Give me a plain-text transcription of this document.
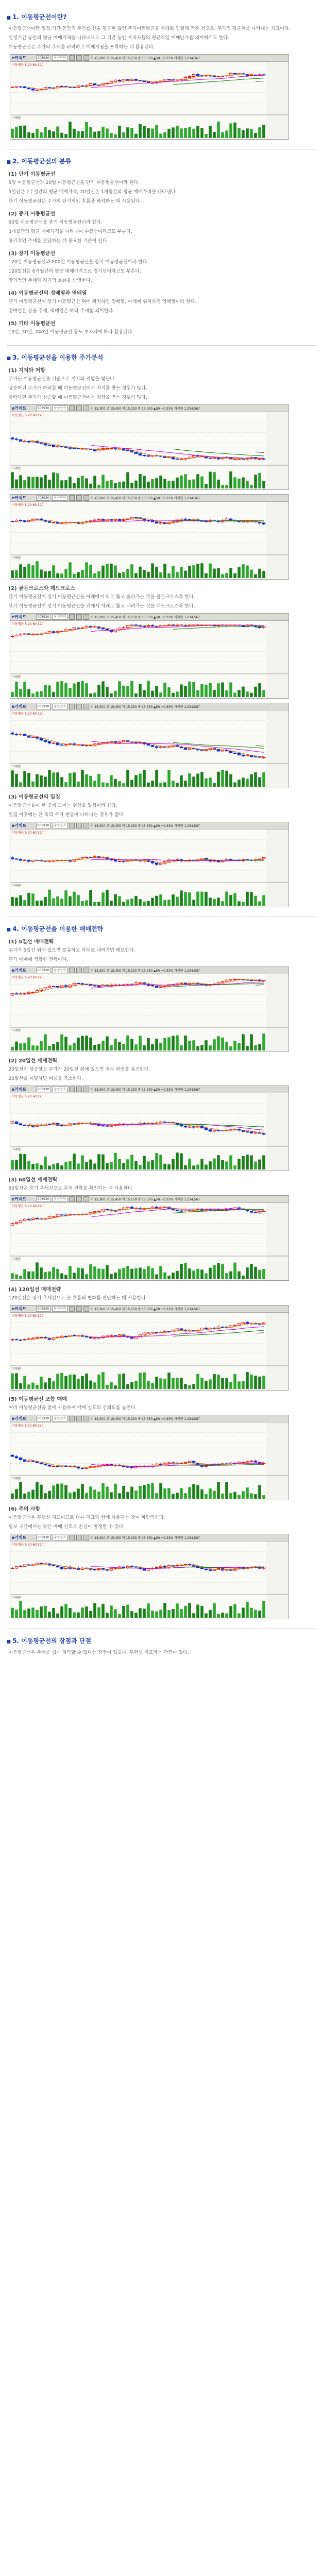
■ 1. 이동평균선이란?

이동평균선이란 일정 기간 동안의 주가를 산술 평균한 값인 주가이동평균을 차례로 연결해 만든 선으로, 주가의 평균치를 나타내는 지표이다.

일정기간 동안의 평균 매매가격을 나타내므로 그 기간 동안 투자자들의 평균적인 매매단가를 의미하기도 한다.

이동평균선은 주가의 추세를 파악하고 매매시점을 포착하는 데 활용된다.

e커넥트	005930	삼성전자	시 15,300 고 15,450 저 15,150 종 15,350 ▲50 +0.33% 거래량 1,234,567
이동평균 5 20 60 120
거래량
■ 2. 이동평균선의 분류
(1) 단기 이동평균선

5일 이동평균선과 20일 이동평균선을 단기 이동평균선이라 한다.

5일선은 1주일간의 평균 매매가격, 20일선은 1개월간의 평균 매매가격을 나타낸다.

단기 이동평균선은 주가의 단기적인 흐름을 파악하는 데 사용된다.

(2) 중기 이동평균선

60일 이동평균선을 중기 이동평균선이라 한다.

3개월간의 평균 매매가격을 나타내며 수급선이라고도 부른다.

중기적인 추세를 판단하는 데 중요한 기준이 된다.

(3) 장기 이동평균선

120일 이동평균선과 200일 이동평균선을 장기 이동평균선이라 한다.

120일선은 6개월간의 평균 매매가격으로 경기선이라고도 부른다.

장기적인 추세와 경기의 흐름을 반영한다.

(4) 이동평균선의 정배열과 역배열

단기 이동평균선이 장기 이동평균선 위에 위치하면 정배열, 아래에 위치하면 역배열이라 한다.

정배열은 상승 추세, 역배열은 하락 추세를 의미한다.

(5) 기타 이동평균선

10일, 30일, 240일 이동평균선 등도 투자자에 따라 활용된다.

■ 3. 이동평균선을 이용한 주가분석
(1) 지지와 저항

주가는 이동평균선을 기준으로 지지와 저항을 받는다.

상승하던 주가가 하락할 때 이동평균선에서 지지를 받는 경우가 많다.

하락하던 주가가 상승할 때 이동평균선에서 저항을 받는 경우가 많다.

e커넥트	005930	삼성전자	시 15,300 고 15,450 저 15,150 종 15,350 ▲50 +0.33% 거래량 1,234,567
이동평균 5 20 60 120
거래량
e커넥트	005930	삼성전자	시 15,300 고 15,450 저 15,150 종 15,350 ▲50 +0.33% 거래량 1,234,567
이동평균 5 20 60 120
거래량
(2) 골든크로스와 데드크로스

단기 이동평균선이 장기 이동평균선을 아래에서 위로 뚫고 올라가는 것을 골든크로스라 한다.

단기 이동평균선이 장기 이동평균선을 위에서 아래로 뚫고 내려가는 것을 데드크로스라 한다.

e커넥트	005930	삼성전자	시 15,300 고 15,450 저 15,150 종 15,350 ▲50 +0.33% 거래량 1,234,567
이동평균 5 20 60 120
거래량
e커넥트	005930	삼성전자	시 15,300 고 15,450 저 15,150 종 15,350 ▲50 +0.33% 거래량 1,234,567
이동평균 5 20 60 120
거래량
(3) 이동평균선의 밀집

이동평균선들이 한 곳에 모이는 현상을 밀집이라 한다.

밀집 이후에는 큰 폭의 주가 변동이 나타나는 경우가 많다.

e커넥트	005930	삼성전자	시 15,300 고 15,450 저 15,150 종 15,350 ▲50 +0.33% 거래량 1,234,567
이동평균 5 20 60 120
거래량
■ 4. 이동평균선을 이용한 매매전략
(1) 5일선 매매전략

주가가 5일선 위에 있으면 보유하고 아래로 내려가면 매도한다.

단기 매매에 적합한 전략이다.

e커넥트	005930	삼성전자	시 15,300 고 15,450 저 15,150 종 15,350 ▲50 +0.33% 거래량 1,234,567
이동평균 5 20 60 120
거래량
(2) 20일선 매매전략

20일선이 상승하고 주가가 20일선 위에 있으면 매수 관점을 유지한다.

20일선을 이탈하면 비중을 축소한다.

e커넥트	005930	삼성전자	시 15,300 고 15,450 저 15,150 종 15,350 ▲50 +0.33% 거래량 1,234,567
이동평균 5 20 60 120
거래량
(3) 60일선 매매전략

60일선은 중기 추세선으로 추세 전환을 확인하는 데 사용한다.

e커넥트	005930	삼성전자	시 15,300 고 15,450 저 15,150 종 15,350 ▲50 +0.33% 거래량 1,234,567
이동평균 5 20 60 120
거래량
(4) 120일선 매매전략

120일선은 장기 추세선으로 큰 흐름의 변화를 판단하는 데 사용한다.

e커넥트	005930	삼성전자	시 15,300 고 15,450 저 15,150 종 15,350 ▲50 +0.33% 거래량 1,234,567
이동평균 5 20 60 120
거래량
(5) 이동평균선 조합 매매

여러 이동평균선을 함께 사용하여 매매 신호의 신뢰도를 높인다.

e커넥트	005930	삼성전자	시 15,300 고 15,450 저 15,150 종 15,350 ▲50 +0.33% 거래량 1,234,567
이동평균 5 20 60 120
거래량
(6) 주의 사항

이동평균선은 후행성 지표이므로 다른 지표와 함께 사용하는 것이 바람직하다.

횡보 구간에서는 잦은 매매 신호로 손실이 발생할 수 있다.

e커넥트	005930	삼성전자	시 15,300 고 15,450 저 15,150 종 15,350 ▲50 +0.33% 거래량 1,234,567
이동평균 5 20 60 120
거래량
■ 5. 이동평균선의 장점과 단점

이동평균선은 추세를 쉽게 파악할 수 있다는 장점이 있으나, 후행성 지표라는 단점이 있다.
